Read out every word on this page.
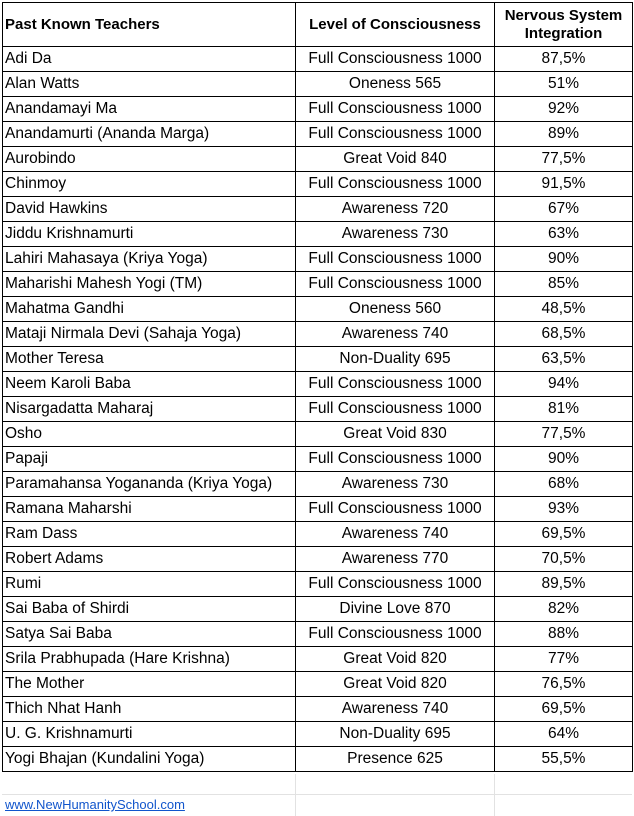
Past Known Teachers	Level of Consciousness	Nervous System Integration
Adi Da	Full Consciousness 1000	87,5%
Alan Watts	Oneness 565	51%
Anandamayi Ma	Full Consciousness 1000	92%
Anandamurti (Ananda Marga)	Full Consciousness 1000	89%
Aurobindo	Great Void 840	77,5%
Chinmoy	Full Consciousness 1000	91,5%
David Hawkins	Awareness 720	67%
Jiddu Krishnamurti	Awareness 730	63%
Lahiri Mahasaya (Kriya Yoga)	Full Consciousness 1000	90%
Maharishi Mahesh Yogi (TM)	Full Consciousness 1000	85%
Mahatma Gandhi	Oneness 560	48,5%
Mataji Nirmala Devi (Sahaja Yoga)	Awareness 740	68,5%
Mother Teresa	Non-Duality 695	63,5%
Neem Karoli Baba	Full Consciousness 1000	94%
Nisargadatta Maharaj	Full Consciousness 1000	81%
Osho	Great Void 830	77,5%
Papaji	Full Consciousness 1000	90%
Paramahansa Yogananda (Kriya Yoga)	Awareness 730	68%
Ramana Maharshi	Full Consciousness 1000	93%
Ram Dass	Awareness 740	69,5%
Robert Adams	Awareness 770	70,5%
Rumi	Full Consciousness 1000	89,5%
Sai Baba of Shirdi	Divine Love 870	82%
Satya Sai Baba	Full Consciousness 1000	88%
Srila Prabhupada (Hare Krishna)	Great Void 820	77%
The Mother	Great Void 820	76,5%
Thich Nhat Hanh	Awareness 740	69,5%
U. G. Krishnamurti	Non-Duality 695	64%
Yogi Bhajan (Kundalini Yoga)	Presence 625	55,5%
www.NewHumanitySchool.com
